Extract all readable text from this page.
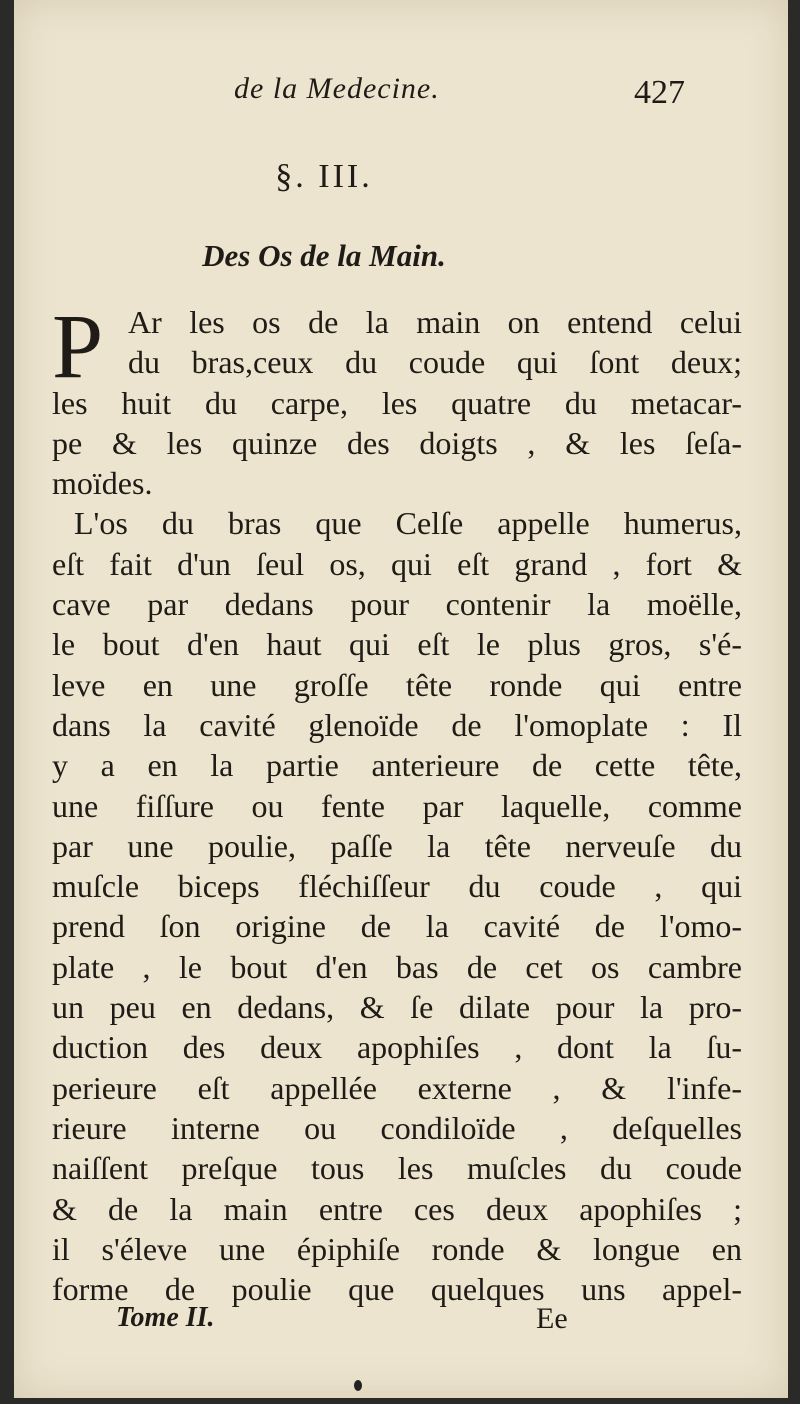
de la Medecine.	427
§. III.
Des Os de la Main.
P Ar les os de la main on entend celui
du bras,ceux du coude qui ſont deux;
les huit du carpe, les quatre du metacar-
pe & les quinze des doigts , & les ſeſa-
moïdes.
L'os du bras que Celſe appelle humerus,
eſt fait d'un ſeul os, qui eſt grand , fort &
cave par dedans pour contenir la moëlle,
le bout d'en haut qui eſt le plus gros, s'é-
leve en une groſſe tête ronde qui entre
dans la cavité glenoïde de l'omoplate : Il
y a en la partie anterieure de cette tête,
une fiſſure ou fente par laquelle, comme
par une poulie, paſſe la tête nerveuſe du
muſcle biceps fléchiſſeur du coude , qui
prend ſon origine de la cavité de l'omo-
plate , le bout d'en bas de cet os cambre
un peu en dedans, & ſe dilate pour la pro-
duction des deux apophiſes , dont la ſu-
perieure eſt appellée externe , & l'infe-
rieure interne ou condiloïde , deſquelles
naiſſent preſque tous les muſcles du coude
& de la main entre ces deux apophiſes ;
il s'éleve une épiphiſe ronde & longue en
forme de poulie que quelques uns appel-
Tome II.	Ee
